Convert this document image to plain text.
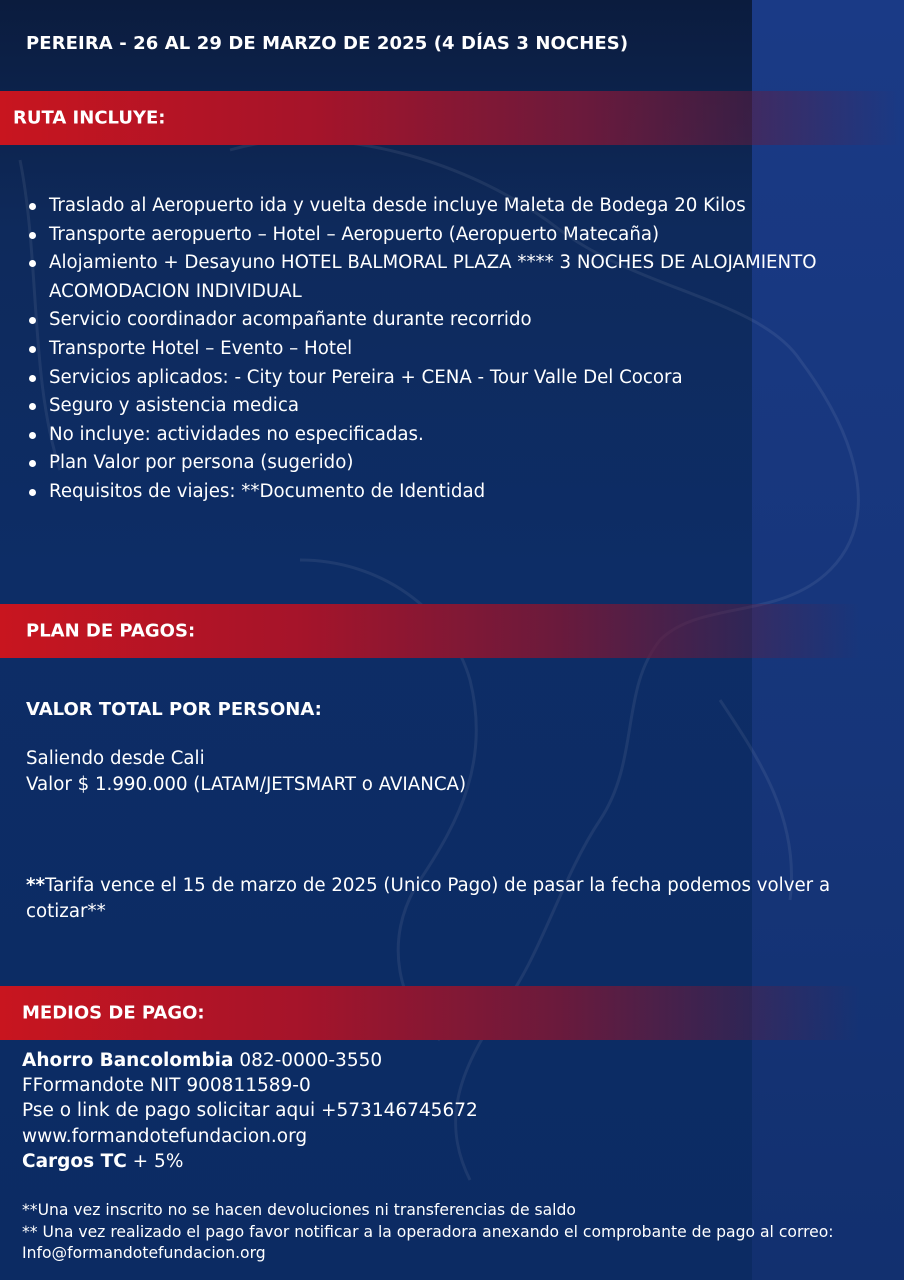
PEREIRA - 26 AL 29 DE MARZO DE 2025 (4 DÍAS 3 NOCHES)
RUTA INCLUYE:
Traslado al Aeropuerto ida y vuelta desde incluye Maleta de Bodega 20 Kilos
Transporte aeropuerto – Hotel – Aeropuerto (Aeropuerto Matecaña)
Alojamiento + Desayuno HOTEL BALMORAL PLAZA **** 3 NOCHES DE ALOJAMIENTO ACOMODACION INDIVIDUAL
Servicio coordinador acompañante durante recorrido
Transporte Hotel – Evento – Hotel
Servicios aplicados: - City tour Pereira + CENA - Tour Valle Del Cocora
Seguro y asistencia medica
No incluye: actividades no especificadas.
Plan Valor por persona (sugerido)
Requisitos de viajes: **Documento de Identidad
PLAN DE PAGOS:
VALOR TOTAL POR PERSONA:

Saliendo desde Cali

Valor $ 1.990.000 (LATAM/JETSMART o AVIANCA)

**Tarifa vence el 15 de marzo de 2025 (Unico Pago) de pasar la fecha podemos volver a cotizar**

MEDIOS DE PAGO:

Ahorro Bancolombia 082-0000-3550

FFormandote NIT 900811589-0

Pse o link de pago solicitar aqui +573146745672

www.formandotefundacion.org

Cargos TC + 5%

**Una vez inscrito no se hacen devoluciones ni transferencias de saldo

** Una vez realizado el pago favor notificar a la operadora anexando el comprobante de pago al correo: Info@formandotefundacion.org
